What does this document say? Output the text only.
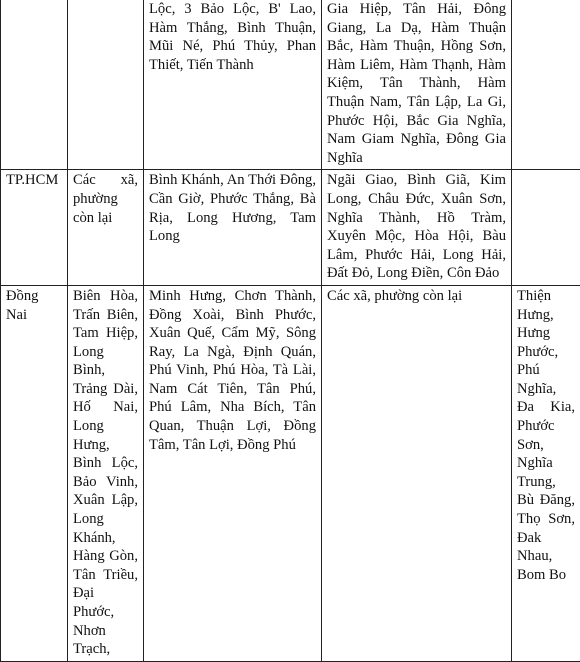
		Lộc, 3 Bảo Lộc, B' Lao, Hàm Thắng, Bình Thuận, Mũi Né, Phú Thủy, Phan Thiết, Tiến Thành	Gia Hiệp, Tân Hải, Đông Giang, La Dạ, Hàm Thuận Bắc, Hàm Thuận, Hồng Sơn, Hàm Liêm, Hàm Thạnh, Hàm Kiệm, Tân Thành, Hàm Thuận Nam, Tân Lập, La Gi, Phước Hội, Bắc Gia Nghĩa, Nam Giam Nghĩa, Đông Gia Nghĩa	
TP.HCM	Các xã, phường còn lại	Bình Khánh, An Thới Đông, Cần Giờ, Phước Thắng, Bà Rịa, Long Hương, Tam Long	Ngãi Giao, Bình Giã, Kim Long, Châu Đức, Xuân Sơn, Nghĩa Thành, Hồ Tràm, Xuyên Mộc, Hòa Hội, Bàu Lâm, Phước Hải, Long Hải, Đất Đỏ, Long Điền, Côn Đảo	
Đồng Nai	Biên Hòa, Trấn Biên, Tam Hiệp, Long Bình, Trảng Dài, Hố Nai, Long Hưng, Bình Lộc, Bảo Vinh, Xuân Lập, Long Khánh, Hàng Gòn, Tân Triều, Đại Phước, Nhơn Trạch,	Minh Hưng, Chơn Thành, Đồng Xoài, Bình Phước, Xuân Quế, Cẩm Mỹ, Sông Ray, La Ngà, Định Quán, Phú Vinh, Phú Hòa, Tà Lài, Nam Cát Tiên, Tân Phú, Phú Lâm, Nha Bích, Tân Quan, Thuận Lợi, Đồng Tâm, Tân Lợi, Đồng Phú	Các xã, phường còn lại	Thiện Hưng, Hưng Phước, Phú Nghĩa, Đa Kia, Phước Sơn, Nghĩa Trung, Bù Đăng, Thọ Sơn, Đak Nhau, Bom Bo
